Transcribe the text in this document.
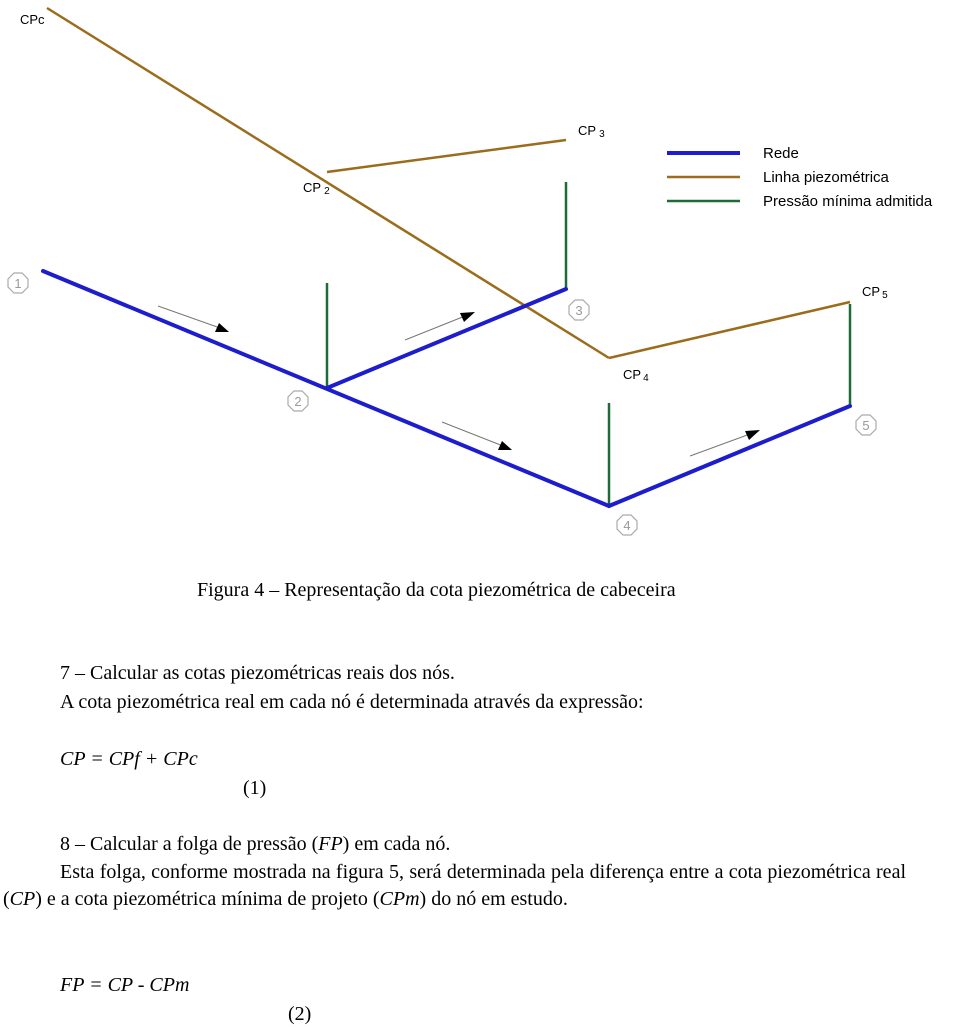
CPc
CP 2
CP 3
CP 4
CP 5
1
2
3
4
5
Rede
Linha piezométrica
Pressão mínima admitida
Figura 4 – Representação da cota piezométrica de cabeceira
7 – Calcular as cotas piezométricas reais dos nós.
A cota piezométrica real em cada nó é determinada através da expressão:
CP = CPf + CPc
(1)
8 – Calcular a folga de pressão (FP) em cada nó.
Esta folga, conforme mostrada na figura 5, será determinada pela diferença entre a cota piezométrica real (CP) e a cota piezométrica mínima de projeto (CPm) do nó em estudo.
FP = CP - CPm
(2)
